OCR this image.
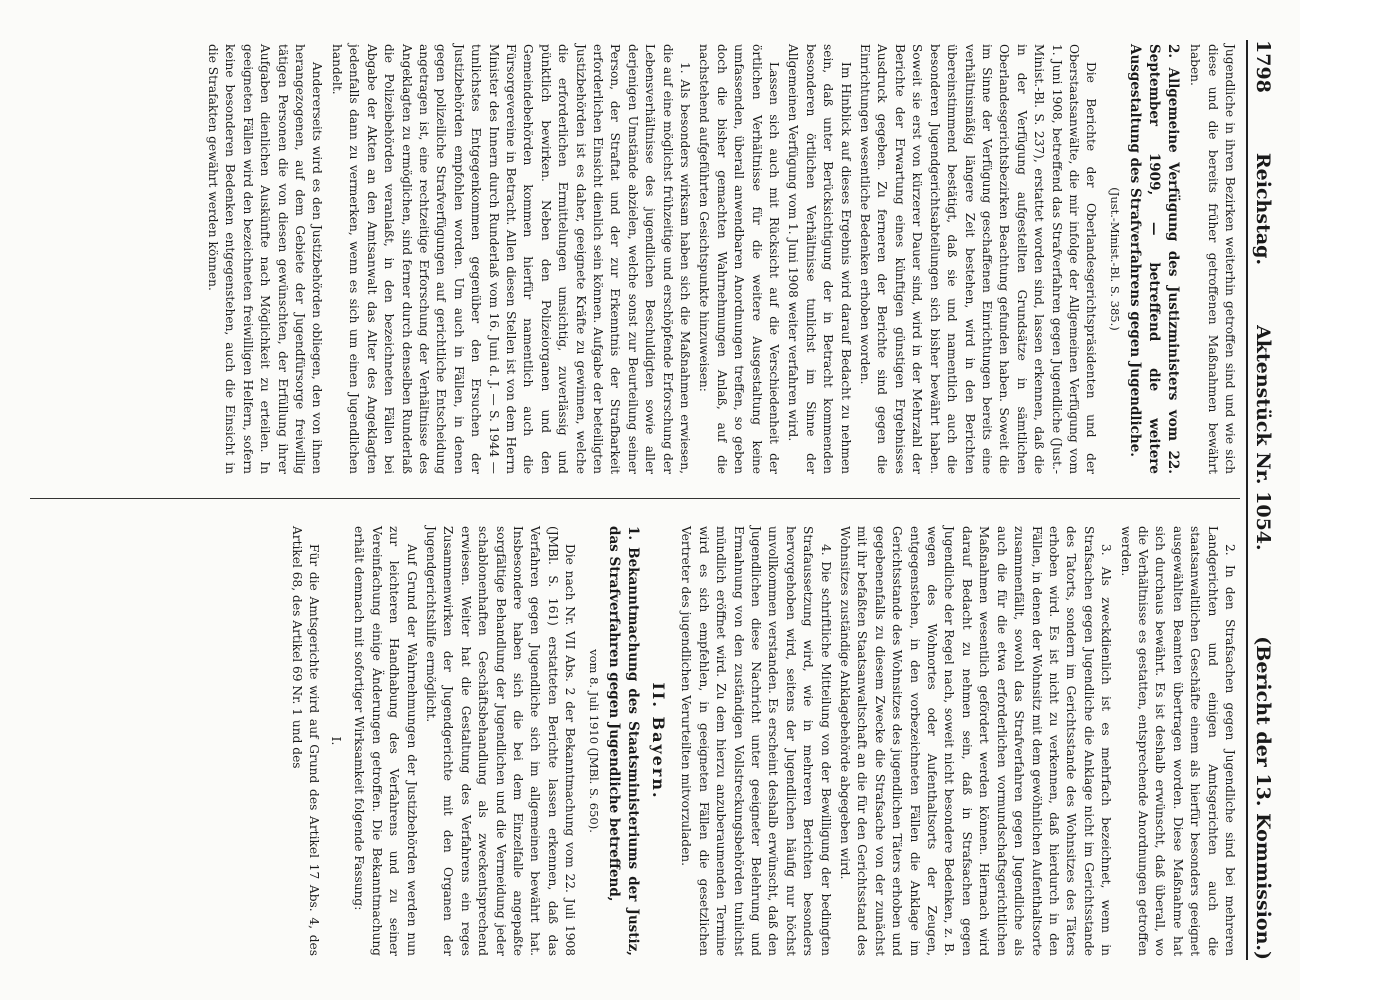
1798
Reichstag.
Aktenstück Nr. 1054.
(Bericht der 13. Kommission.)

Jugendliche in ihren Bezirken weiterhin getroffen sind und wie sich diese und die bereits früher getroffenen Maßnahmen bewährt haben.

2. Allgemeine Verfügung des Justizministers vom 22. September 1909, — betreffend die weitere Ausgestaltung des Strafverfahrens gegen Jugendliche.

(Just.-Minist.-Bl. S. 385.)

Die Berichte der Oberlandesgerichtspräsidenten und der Oberstaatsanwälte, die mir infolge der Allgemeinen Verfügung vom 1. Juni 1908, betreffend das Strafverfahren gegen Jugendliche (Just.-Minist.-Bl. S. 237), erstattet worden sind, lassen erkennen, daß die in der Verfügung aufgestellten Grundsätze in sämtlichen Oberlandesgerichtsbezirken Beachtung gefunden haben. Soweit die im Sinne der Verfügung geschaffenen Einrichtungen bereits eine verhältnismäßig längere Zeit bestehen, wird in den Berichten übereinstimmend bestätigt, daß sie und namentlich auch die besonderen Jugendgerichtsabteilungen sich bisher bewährt haben. Soweit sie erst von kürzerer Dauer sind, wird in der Mehrzahl der Berichte der Erwartung eines künftigen günstigen Ergebnisses Ausdruck gegeben. Zu ferneren der Berichte sind gegen die Einrichtungen wesentliche Bedenken erhoben worden.

Im Hinblick auf dieses Ergebnis wird darauf Bedacht zu nehmen sein, daß unter Berücksichtigung der in Betracht kommenden besonderen örtlichen Verhältnisse tunlichst im Sinne der Allgemeinen Verfügung vom 1. Juni 1908 weiter verfahren wird.

Lassen sich auch mit Rücksicht auf die Verschiedenheit der örtlichen Verhältnisse für die weitere Ausgestaltung keine umfassenden, überall anwendbaren Anordnungen treffen, so geben doch die bisher gemachten Wahrnehmungen Anlaß, auf die nachstehend aufgeführten Gesichtspunkte hinzuweisen:

1. Als besonders wirksam haben sich die Maßnahmen erwiesen, die auf eine möglichst frühzeitige und erschöpfende Erforschung der Lebensverhältnisse des jugendlichen Beschuldigten sowie aller derjenigen Umstände abzielen, welche sonst zur Beurteilung seiner Person, der Straftat und der zur Erkenntnis der Strafbarkeit erforderlichen Einsicht dienlich sein können. Aufgabe der beteiligten Justizbehörden ist es daher, geeignete Kräfte zu gewinnen, welche die erforderlichen Ermittelungen umsichtig, zuverlässig und pünktlich bewirken. Neben den Polizeiorganen und den Gemeindebehörden kommen hierfür namentlich auch die Fürsorgevereine in Betracht. Allen diesen Stellen ist von dem Herrn Minister des Innern durch Runderlaß vom 16. Juni d. J. — S. 1944 — tunlichstes Entgegenkommen gegenüber den Ersuchen der Justizbehörden empfohlen worden. Um auch in Fällen, in denen gegen polizeiliche Strafverfügungen auf gerichtliche Entscheidung angetragen ist, eine rechtzeitige Erforschung der Verhältnisse des Angeklagten zu ermöglichen, sind ferner durch denselben Runderlaß die Polizeibehörden veranlaßt, in den bezeichneten Fällen bei Abgabe der Akten an den Amtsanwalt das Alter des Angeklagten jedenfalls dann zu vermerken, wenn es sich um einen Jugendlichen handelt.

Andererseits wird es den Justizbehörden obliegen, den von ihnen herangezogenen, auf dem Gebiete der Jugendfürsorge freiwillig tätigen Personen die von diesen gewünschten, der Erfüllung ihrer Aufgaben dienlichen Auskünfte nach Möglichkeit zu erteilen. In geeigneten Fällen wird den bezeichneten freiwilligen Helfern, sofern keine besonderen Bedenken entgegenstehen, auch die Einsicht in die Strafakten gewährt werden können.

2. In den Strafsachen gegen Jugendliche sind bei mehreren Landgerichten und einigen Amtsgerichten auch die staatsanwaltlichen Geschäfte einem als hierfür besonders geeignet ausgewählten Beamten übertragen worden. Diese Maßnahme hat sich durchaus bewährt. Es ist deshalb erwünscht, daß überall, wo die Verhältnisse es gestatten, entsprechende Anordnungen getroffen werden.

3. Als zweckdienlich ist es mehrfach bezeichnet, wenn in Strafsachen gegen Jugendliche die Anklage nicht im Gerichtsstande des Tatorts, sondern im Gerichtsstande des Wohnsitzes des Täters erhoben wird. Es ist nicht zu verkennen, daß hierdurch in den Fällen, in denen der Wohnsitz mit dem gewöhnlichen Aufenthaltsorte zusammenfällt, sowohl das Strafverfahren gegen Jugendliche als auch die für die etwa erforderlichen vormundschaftsgerichtlichen Maßnahmen wesentlich gefördert werden können. Hiernach wird darauf Bedacht zu nehmen sein, daß in Strafsachen gegen Jugendliche der Regel nach, soweit nicht besondere Bedenken, z. B. wegen des Wohnortes oder Aufenthaltsorts der Zeugen, entgegenstehen, in den vorbezeichneten Fällen die Anklage im Gerichtsstande des Wohnsitzes des jugendlichen Täters erhoben und gegebenenfalls zu diesem Zwecke die Strafsache von der zunächst mit ihr befaßten Staatsanwaltschaft an die für den Gerichtsstand des Wohnsitzes zuständige Anklagebehörde abgegeben wird.

4. Die schriftliche Mitteilung von der Bewilligung der bedingten Strafaussetzung wird, wie in mehreren Berichten besonders hervorgehoben wird, seitens der Jugendlichen häufig nur höchst unvollkommen verstanden. Es erscheint deshalb erwünscht, daß den Jugendlichen diese Nachricht unter geeigneter Belehrung und Ermahnung von den zuständigen Vollstreckungsbehörden tunlichst mündlich eröffnet wird. Zu dem hierzu anzuberaumenden Termine wird es sich empfehlen, in geeigneten Fällen die gesetzlichen Vertreter des jugendlichen Verurteilten mitvorzuladen.

II. Bayern.

1. Bekanntmachung des Staatsministeriums der Justiz, das Strafverfahren gegen Jugendliche betreffend,

vom 8. Juli 1910 (JMBl. S. 650).

Die nach Nr. VII Abs. 2 der Bekanntmachung vom 22. Juli 1908 (JMBl. S. 161) erstatteten Berichte lassen erkennen, daß das Verfahren gegen Jugendliche sich im allgemeinen bewährt hat. Insbesondere haben sich die bei dem Einzelfalle angepaßte sorgfältige Behandlung der Jugendlichen und die Vermeidung jeder schablonenhaften Geschäftsbehandlung als zweckentsprechend erwiesen. Weiter hat die Gestaltung des Verfahrens ein reges Zusammenwirken der Jugendgerichte mit den Organen der Jugendgerichtshilfe ermöglicht.

Auf Grund der Wahrnehmungen der Justizbehörden werden nun zur leichteren Handhabung des Verfahrens und zu seiner Vereinfachung einige Änderungen getroffen. Die Bekanntmachung erhält demnach mit sofortiger Wirksamkeit folgende Fassung:

I.

Für die Amtsgerichte wird auf Grund des Artikel 17 Abs. 4, des Artikel 68, des Artikel 69 Nr. 1 und des
